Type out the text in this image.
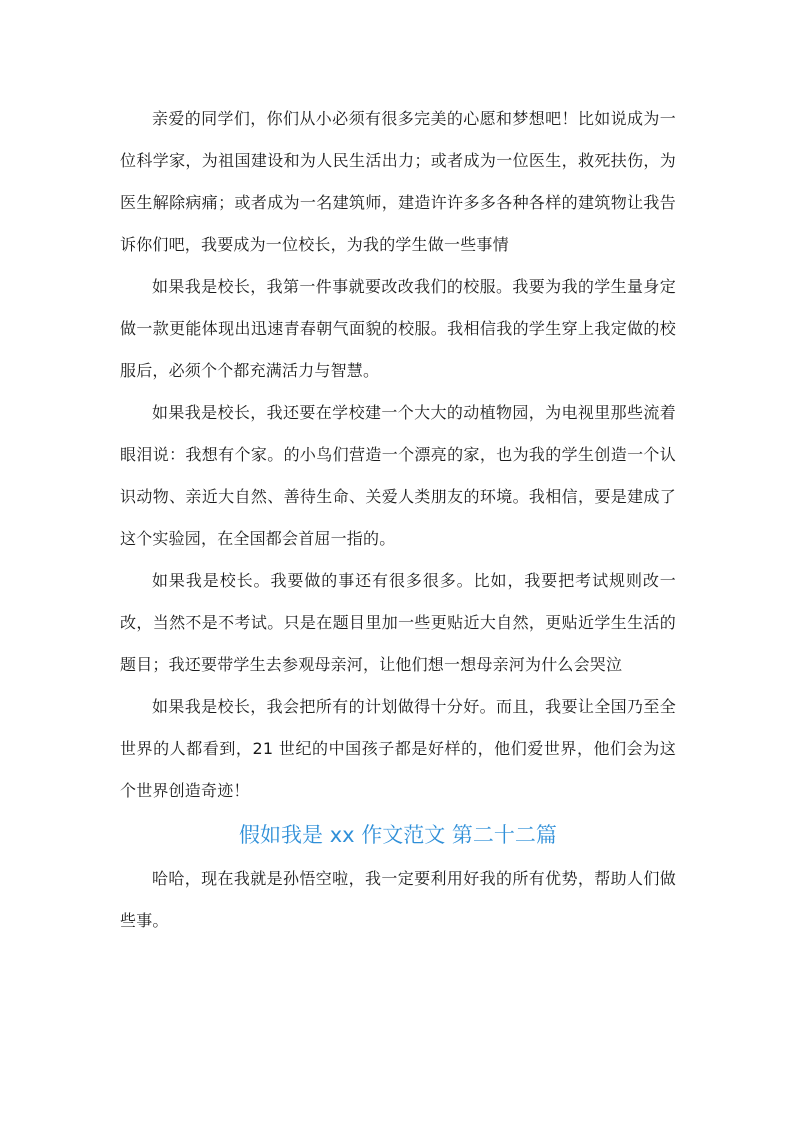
亲爱的同学们，你们从小必须有很多完美的心愿和梦想吧！比如说成为一位科学家，为祖国建设和为人民生活出力；或者成为一位医生，救死扶伤，为医生解除病痛；或者成为一名建筑师，建造许许多多各种各样的建筑物让我告诉你们吧，我要成为一位校长，为我的学生做一些事情

如果我是校长，我第一件事就要改改我们的校服。我要为我的学生量身定做一款更能体现出迅速青春朝气面貌的校服。我相信我的学生穿上我定做的校服后，必须个个都充满活力与智慧。

如果我是校长，我还要在学校建一个大大的动植物园，为电视里那些流着眼泪说：我想有个家。的小鸟们营造一个漂亮的家，也为我的学生创造一个认识动物、亲近大自然、善待生命、关爱人类朋友的环境。我相信，要是建成了这个实验园，在全国都会首屈一指的。

如果我是校长。我要做的事还有很多很多。比如，我要把考试规则改一改，当然不是不考试。只是在题目里加一些更贴近大自然，更贴近学生生活的题目；我还要带学生去参观母亲河，让他们想一想母亲河为什么会哭泣

如果我是校长，我会把所有的计划做得十分好。而且，我要让全国乃至全世界的人都看到，21 世纪的中国孩子都是好样的，他们爱世界，他们会为这个世界创造奇迹！

假如我是 xx 作文范文 第二十二篇

哈哈，现在我就是孙悟空啦，我一定要利用好我的所有优势，帮助人们做些事。
